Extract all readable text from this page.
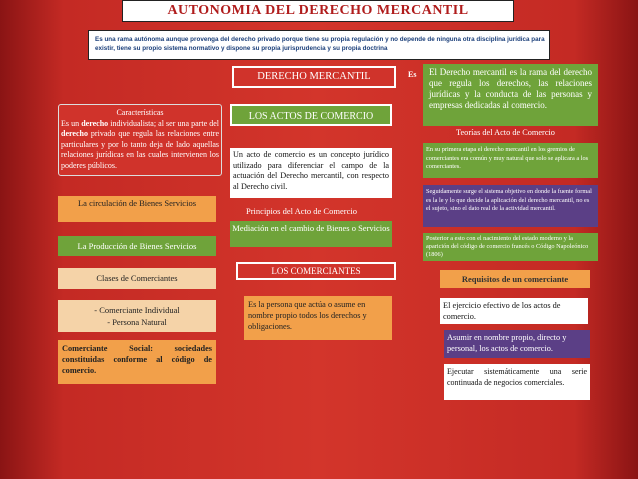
AUTONOMIA DEL DERECHO MERCANTIL
Es una rama autónoma aunque provenga del derecho privado porque tiene su propia regulación y no depende de ninguna otra disciplina jurídica para existir, tiene su propio sistema normativo y dispone su propia jurisprudencia y su propia doctrina
DERECHO MERCANTIL	Es	El Derecho mercantil es la rama del derecho que regula los derechos, las relaciones jurídicas y la conducta de las personas y empresas dedicadas al comercio.
LOS ACTOS DE COMERCIO
Características
Es un derecho individualista; al ser una parte del derecho privado que regula las relaciones entre particulares y por lo tanto deja de lado aquellas relaciones jurídicas en las cuales intervienen los poderes públicos.
Un acto de comercio es un concepto jurídico utilizado para diferenciar el campo de la actuación del Derecho mercantil, con respecto al Derecho civil.
Principios del Acto de Comercio
Mediación en el cambio de Bienes o Servicios
La circulación de Bienes Servicios
La Producción de Bienes Servicios
Clases de Comerciantes
- Comerciante Individual
- Persona Natural
Comerciante Social: sociedades constituidas conforme al código de comercio.
LOS COMERCIANTES
Es la persona que actúa o asume en nombre propio todos los derechos y obligaciones.
Teorías del Acto de Comercio
En su primera etapa el derecho mercantil en los gremios de comerciantes era común y muy natural que solo se aplicara a los comerciantes.
Seguidamente surge el sistema objetivo en donde la fuente formal es la le y lo que decide la aplicación del derecho mercantil, no es el sujeto, sino el dato real de la actividad mercantil.
Posterior a esto con el nacimiento del estado moderno y la aparición del código de comercio francés o Código Napoleónico (1806)
Requisitos de un comerciante
El ejercicio efectivo de los actos de comercio.
Asumir en nombre propio, directo y personal, los actos de comercio.
Ejecutar sistemáticamente una serie continuada de negocios comerciales.
